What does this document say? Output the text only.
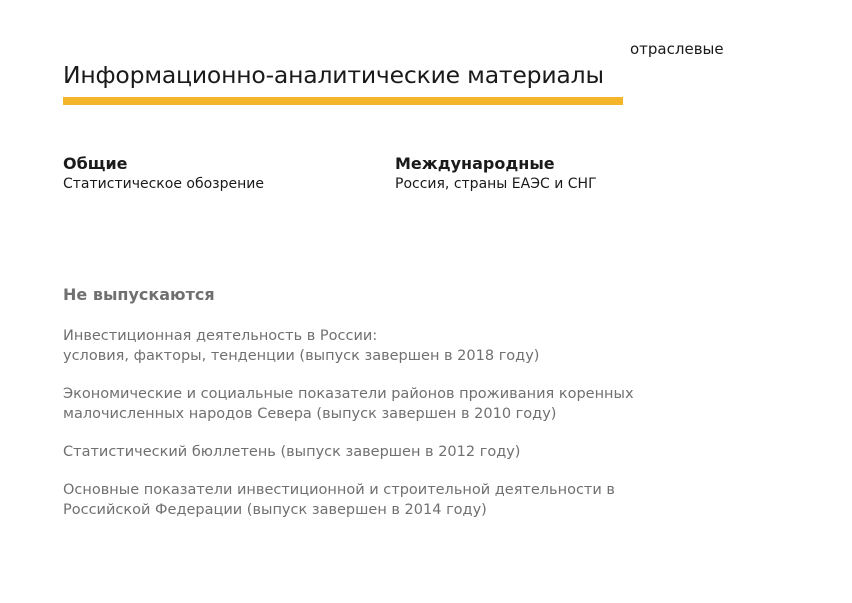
отраслевые
Информационно-аналитические материалы
Общие
Статистическое обозрение
Международные
Россия, страны ЕАЭС и СНГ
Не выпускаются
Инвестиционная деятельность в России:
условия, факторы, тенденции (выпуск завершен в 2018 году)
Экономические и социальные показатели районов проживания коренных
малочисленных народов Севера (выпуск завершен в 2010 году)
Статистический бюллетень (выпуск завершен в 2012 году)
Основные показатели инвестиционной и строительной деятельности в
Российской Федерации (выпуск завершен в 2014 году)
